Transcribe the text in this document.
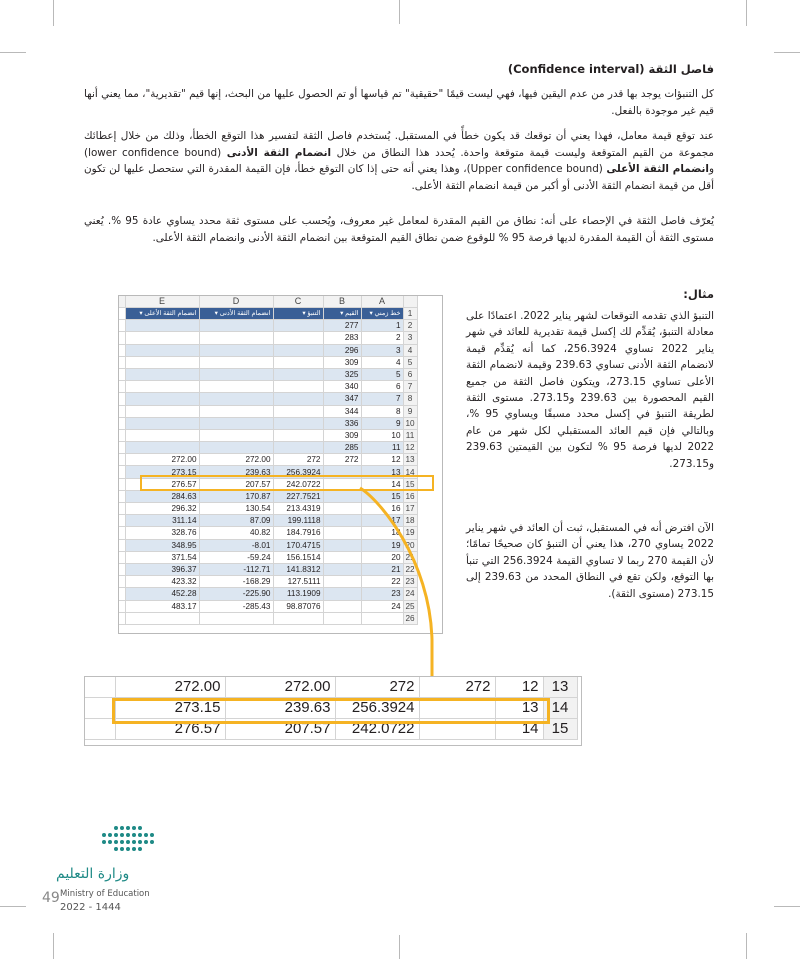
فاصل الثقة (Confidence interval)
كل التنبؤات يوجد بها قدر من عدم اليقين فيها، فهي ليست قيمًا "حقيقية" تم قياسها أو تم الحصول عليها من البحث، إنها قيم "تقديرية"، مما يعني أنها قيم غير موجودة بالفعل.
عند توقع قيمة معامل، فهذا يعني أن توقعك قد يكون خطأً في المستقبل. يُستخدم فاصل الثقة لتفسير هذا التوقع الخطأ، وذلك من خلال إعطائك مجموعة من القيم المتوقعة وليست قيمة متوقعة واحدة. يُحدد هذا النطاق من خلال انضمام الثقة الأدنى (lower confidence bound) وانضمام الثقة الأعلى (Upper confidence bound)، وهذا يعني أنه حتى إذا كان التوقع خطأ، فإن القيمة المقدرة التي ستحصل عليها لن تكون أقل من قيمة انضمام الثقة الأدنى أو أكبر من قيمة انضمام الثقة الأعلى.
يُعرّف فاصل الثقة في الإحصاء على أنه: نطاق من القيم المقدرة لمعامل غير معروف، ويُحسب على مستوى ثقة محدد يساوي عادة 95 %. يُعني مستوى الثقة أن القيمة المقدرة لديها فرصة 95 % للوقوع ضمن نطاق القيم المتوقعة بين انضمام الثقة الأدنى وانضمام الثقة الأعلى.
مثال:
التنبؤ الذي تقدمه التوقعات لشهر يناير 2022. اعتمادًا على معادلة التنبؤ، يُقدِّم لك إكسل قيمة تقديرية للعائد في شهر يناير 2022 تساوي 256.3924، كما أنه يُقدِّم قيمة لانضمام الثقة الأدنى تساوي 239.63 وقيمة لانضمام الثقة الأعلى تساوي 273.15، ويتكون فاصل الثقة من جميع القيم المحصورة بين 239.63 و273.15. مستوى الثقة لطريقة التنبؤ في إكسل محدد مسبقًا ويساوي 95 %، وبالتالي فإن قيم العائد المستقبلي لكل شهر من عام 2022 لديها فرصة 95 % لتكون بين القيمتين 239.63 و273.15.
الآن افترض أنه في المستقبل، ثبت أن العائد في شهر يناير 2022 يساوي 270، هذا يعني أن التنبؤ كان صحيحًا تمامًا؛ لأن القيمة 270 ربما لا تساوي القيمة 256.3924 التي تنبأ بها التوقع، ولكن تقع في النطاق المحدد من 239.63 إلى 273.15 (مستوى الثقة).
	E	D	C	B	A	
	انضمام الثقة الأعلى ▾	انضمام الثقة الأدنى ▾	التنبؤ ▾	القيم ▾	خط زمني ▾	1
				277	1	2
				283	2	3
				296	3	4
				309	4	5
				325	5	6
				340	6	7
				347	7	8
				344	8	9
				336	9	10
				309	10	11
				285	11	12
	272.00	272.00	272	272	12	13
	273.15	239.63	256.3924		13	14
	276.57	207.57	242.0722		14	15
	284.63	170.87	227.7521		15	16
	296.32	130.54	213.4319		16	17
	311.14	87.09	199.1118		17	18
	328.76	40.82	184.7916		18	19
	348.95	-8.01	170.4715		19	20
	371.54	-59.24	156.1514		20	21
	396.37	-112.71	141.8312		21	22
	423.32	-168.29	127.5111		22	23
	452.28	-225.90	113.1909		23	24
	483.17	-285.43	98.87076		24	25
						26
	272.00	272.00	272	272	12	13
	273.15	239.63	256.3924		13	14
	276.57	207.57	242.0722		14	15
وزارة التعليم
Ministry of Education
49
2022 - 1444
